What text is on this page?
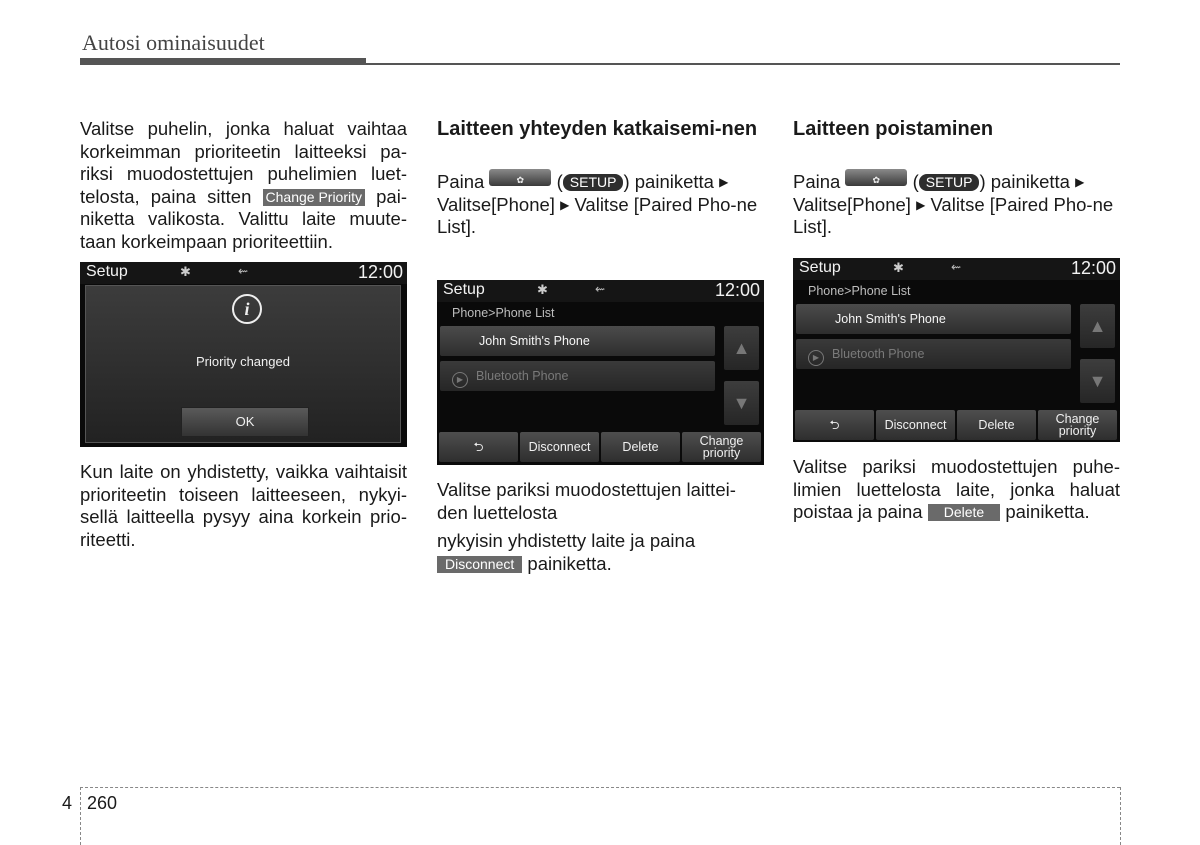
Autosi ominaisuudet

Valitse puhelin, jonka haluat vaihtaa korkeimman prioriteetin laitteeksi pa-riksi muodostettujen puhelimien luet-telosta, paina sitten Change Priority pai-niketta valikosta. Valittu laite muute-taan korkeimpaan prioriteettiin.

Setup	✱	⇜	12:00
i
Priority changed
OK

Kun laite on yhdistetty, vaikka vaihtaisit prioriteetin toiseen laitteeseen, nykyi-sellä laitteella pysyy aina korkein prio-riteetti.

Laitteen yhteyden katkaisemi-nen

Paina ✿	( SETUP ) painiketta ▶
Valitse[Phone] ▶ Valitse [Paired Pho-ne List].

Setup	✱	⇜	12:00
Phone>Phone List
John Smith's Phone
▶ Bluetooth Phone
▲
▼
⮌	Disconnect	Delete	Change
priority

Valitse pariksi muodostettujen laittei-den luettelosta

nykyisin yhdistetty laite ja paina
Disconnect painiketta.

Laitteen poistaminen

Paina ✿	( SETUP ) painiketta ▶
Valitse[Phone] ▶ Valitse [Paired Pho-ne List].

Setup	✱	⇜	12:00
Phone>Phone List
John Smith's Phone
▶ Bluetooth Phone
▲
▼
⮌	Disconnect	Delete	Change
priority

Valitse pariksi muodostettujen puhe-limien luettelosta laite, jonka haluat poistaa ja paina Delete painiketta.

4 260
